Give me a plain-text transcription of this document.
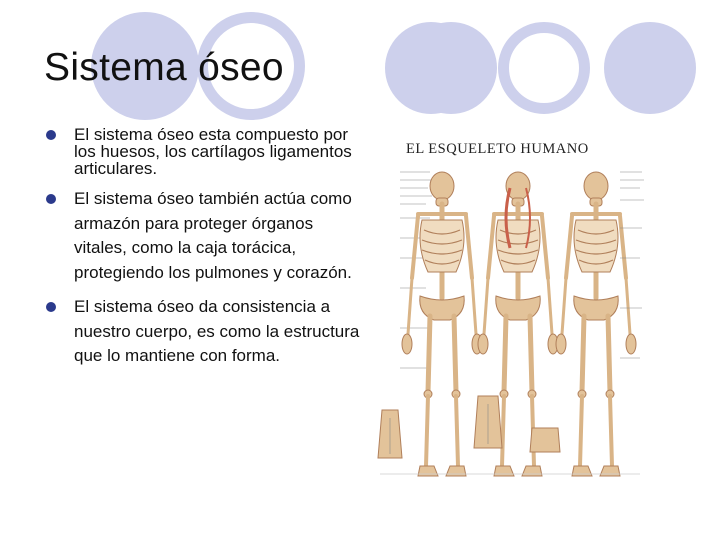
Sistema óseo
El sistema óseo esta compuesto por los huesos, los cartílagos ligamentos articulares.
El sistema óseo también actúa como armazón para proteger órganos vitales, como la caja torácica, protegiendo los pulmones y corazón.
El sistema óseo da consistencia a nuestro cuerpo, es como la estructura que lo mantiene con forma.
EL ESQUELETO HUMANO
